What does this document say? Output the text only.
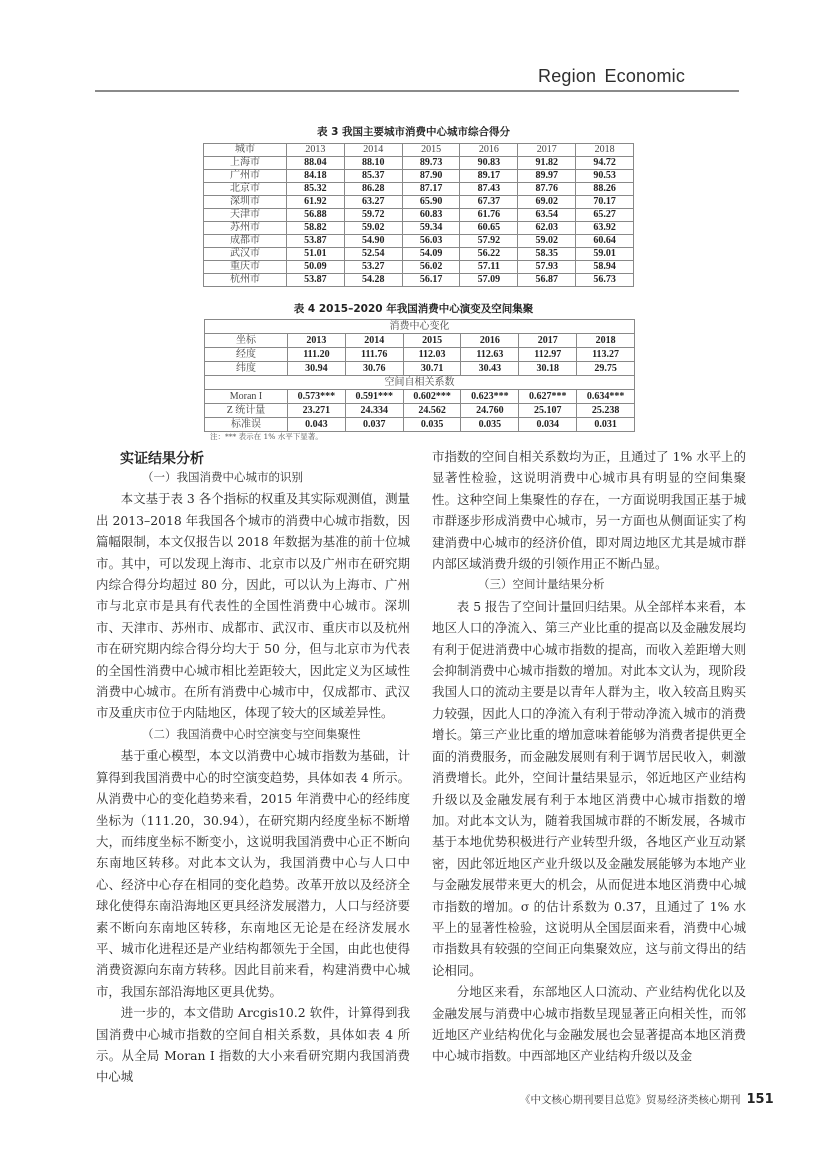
Region Economic
表 3 我国主要城市消费中心城市综合得分
城市	2013	2014	2015	2016	2017	2018
上海市	88.04	88.10	89.73	90.83	91.82	94.72
广州市	84.18	85.37	87.90	89.17	89.97	90.53
北京市	85.32	86.28	87.17	87.43	87.76	88.26
深圳市	61.92	63.27	65.90	67.37	69.02	70.17
天津市	56.88	59.72	60.83	61.76	63.54	65.27
苏州市	58.82	59.02	59.34	60.65	62.03	63.92
成都市	53.87	54.90	56.03	57.92	59.02	60.64
武汉市	51.01	52.54	54.09	56.22	58.35	59.01
重庆市	50.09	53.27	56.02	57.11	57.93	58.94
杭州市	53.87	54.28	56.17	57.09	56.87	56.73
表 4 2015–2020 年我国消费中心演变及空间集聚
消费中心变化						
坐标	2013	2014	2015	2016	2017	2018
经度	111.20	111.76	112.03	112.63	112.97	113.27
纬度	30.94	30.76	30.71	30.43	30.18	29.75
空间自相关系数						
Moran I	0.573***	0.591***	0.602***	0.623***	0.627***	0.634***
Z 统计量	23.271	24.334	24.562	24.760	25.107	25.238
标准误	0.043	0.037	0.035	0.035	0.034	0.031
注：*** 表示在 1% 水平下显著。
实证结果分析

（一）我国消费中心城市的识别

本文基于表 3 各个指标的权重及其实际观测值，测量出 2013–2018 年我国各个城市的消费中心城市指数，因篇幅限制，本文仅报告以 2018 年数据为基准的前十位城市。其中，可以发现上海市、北京市以及广州市在研究期内综合得分均超过 80 分，因此，可以认为上海市、广州市与北京市是具有代表性的全国性消费中心城市。深圳市、天津市、苏州市、成都市、武汉市、重庆市以及杭州市在研究期内综合得分均大于 50 分，但与北京市为代表的全国性消费中心城市相比差距较大，因此定义为区域性消费中心城市。在所有消费中心城市中，仅成都市、武汉市及重庆市位于内陆地区，体现了较大的区域差异性。

（二）我国消费中心时空演变与空间集聚性

基于重心模型，本文以消费中心城市指数为基础，计算得到我国消费中心的时空演变趋势，具体如表 4 所示。从消费中心的变化趋势来看，2015 年消费中心的经纬度坐标为（111.20，30.94），在研究期内经度坐标不断增大，而纬度坐标不断变小，这说明我国消费中心正不断向东南地区转移。对此本文认为，我国消费中心与人口中心、经济中心存在相同的变化趋势。改革开放以及经济全球化使得东南沿海地区更具经济发展潜力，人口与经济要素不断向东南地区转移，东南地区无论是在经济发展水平、城市化进程还是产业结构都领先于全国，由此也使得消费资源向东南方转移。因此目前来看，构建消费中心城市，我国东部沿海地区更具优势。

进一步的，本文借助 Arcgis10.2 软件，计算得到我国消费中心城市指数的空间自相关系数，具体如表 4 所示。从全局 Moran I 指数的大小来看研究期内我国消费中心城

市指数的空间自相关系数均为正，且通过了 1% 水平上的显著性检验，这说明消费中心城市具有明显的空间集聚性。这种空间上集聚性的存在，一方面说明我国正基于城市群逐步形成消费中心城市，另一方面也从侧面证实了构建消费中心城市的经济价值，即对周边地区尤其是城市群内部区域消费升级的引领作用正不断凸显。

（三）空间计量结果分析

表 5 报告了空间计量回归结果。从全部样本来看，本地区人口的净流入、第三产业比重的提高以及金融发展均有利于促进消费中心城市指数的提高，而收入差距增大则会抑制消费中心城市指数的增加。对此本文认为，现阶段我国人口的流动主要是以青年人群为主，收入较高且购买力较强，因此人口的净流入有利于带动净流入城市的消费增长。第三产业比重的增加意味着能够为消费者提供更全面的消费服务，而金融发展则有利于调节居民收入，刺激消费增长。此外，空间计量结果显示，邻近地区产业结构升级以及金融发展有利于本地区消费中心城市指数的增加。对此本文认为，随着我国城市群的不断发展，各城市基于本地优势积极进行产业转型升级，各地区产业互动紧密，因此邻近地区产业升级以及金融发展能够为本地产业与金融发展带来更大的机会，从而促进本地区消费中心城市指数的增加。σ 的估计系数为 0.37，且通过了 1% 水平上的显著性检验，这说明从全国层面来看，消费中心城市指数具有较强的空间正向集聚效应，这与前文得出的结论相同。

分地区来看，东部地区人口流动、产业结构优化以及金融发展与消费中心城市指数呈现显著正向相关性，而邻近地区产业结构优化与金融发展也会显著提高本地区消费中心城市指数。中西部地区产业结构升级以及金

《中文核心期刊要目总览》贸易经济类核心期刊 151
